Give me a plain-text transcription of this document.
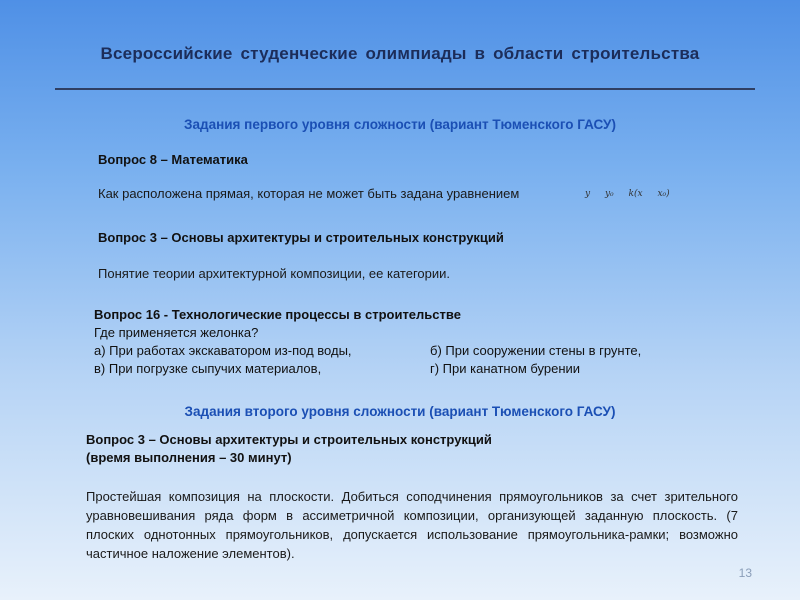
Всероссийские студенческие олимпиады в области строительства
Задания первого уровня сложности (вариант Тюменского ГАСУ)
Вопрос 8 – Математика
Как расположена прямая, которая не может быть задана уравнением	y y₀ k(x x₀)
Вопрос 3 – Основы архитектуры и строительных конструкций
Понятие теории архитектурной композиции, ее категории.
Вопрос 16 - Технологические процессы в строительстве
Где применяется желонка?
а) При работах экскаватором из-под воды,	б) При сооружении стены в грунте,
в) При погрузке сыпучих материалов,	г) При канатном бурении
Задания второго уровня сложности (вариант Тюменского ГАСУ)
Вопрос 3 – Основы архитектуры и строительных конструкций
(время выполнения – 30 минут)
Простейшая композиция на плоскости. Добиться соподчинения прямоугольников за счет зрительного уравновешивания ряда форм в ассиметричной композиции, организующей заданную плоскость. (7 плоских однотонных прямоугольников, допускается использование прямоугольника-рамки; возможно частичное наложение элементов).
13
